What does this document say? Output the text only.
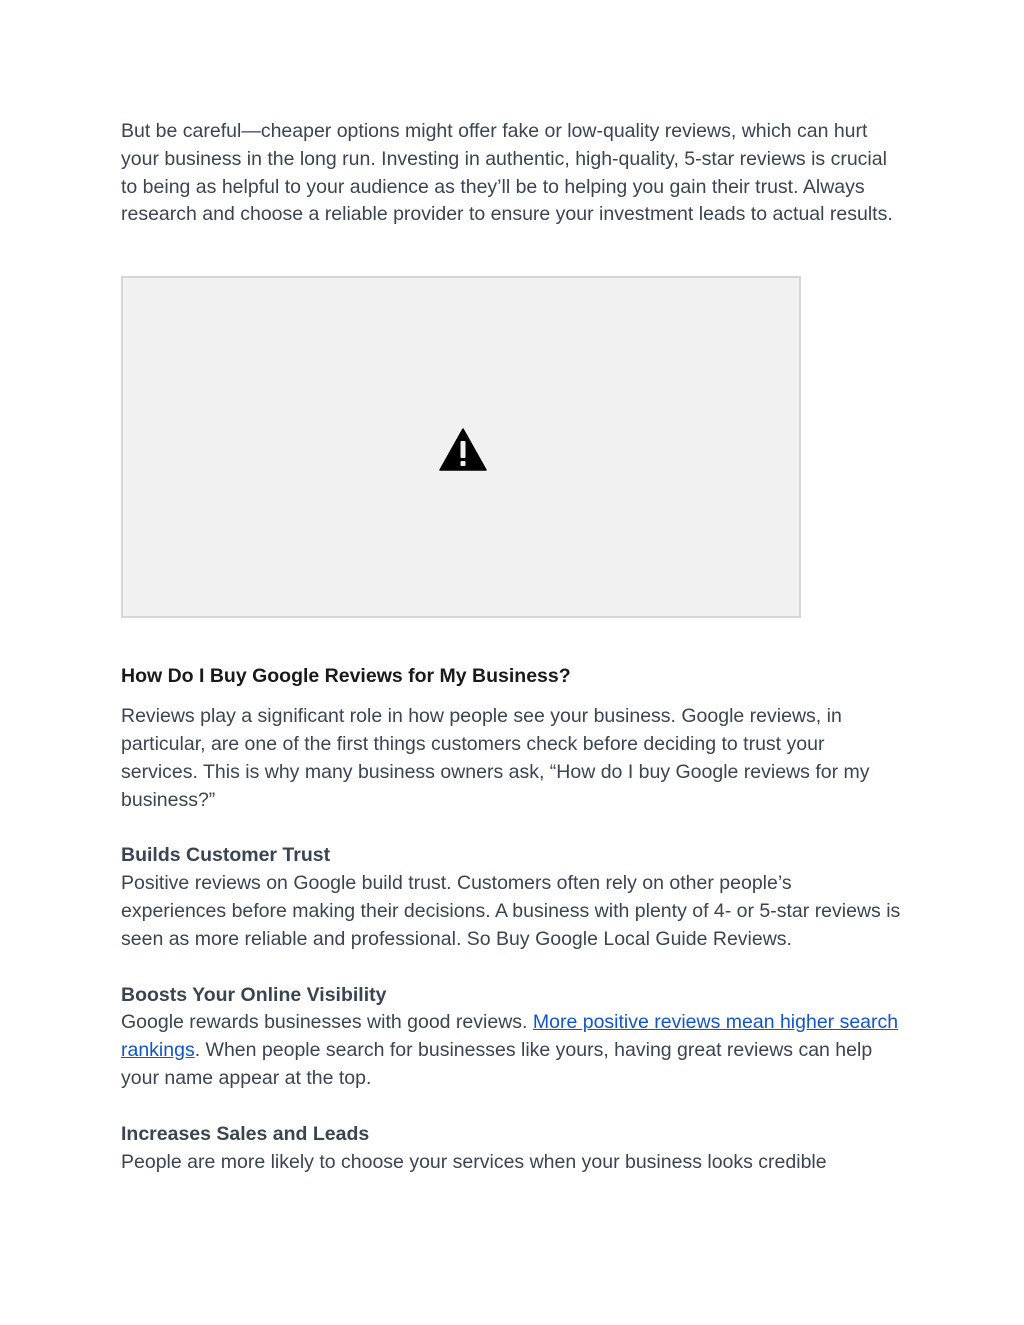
But be careful—cheaper options might offer fake or low-quality reviews, which can hurt your business in the long run. Investing in authentic, high-quality, 5-star reviews is crucial to being as helpful to your audience as they’ll be to helping you gain their trust. Always research and choose a reliable provider to ensure your investment leads to actual results.

How Do I Buy Google Reviews for My Business?

Reviews play a significant role in how people see your business. Google reviews, in particular, are one of the first things customers check before deciding to trust your services. This is why many business owners ask, “How do I buy Google reviews for my business?”

Builds Customer Trust

Positive reviews on Google build trust. Customers often rely on other people’s experiences before making their decisions. A business with plenty of 4- or 5-star reviews is seen as more reliable and professional. So Buy Google Local Guide Reviews.

Boosts Your Online Visibility

Google rewards businesses with good reviews. More positive reviews mean higher search rankings. When people search for businesses like yours, having great reviews can help your name appear at the top.

Increases Sales and Leads

People are more likely to choose your services when your business looks credible
